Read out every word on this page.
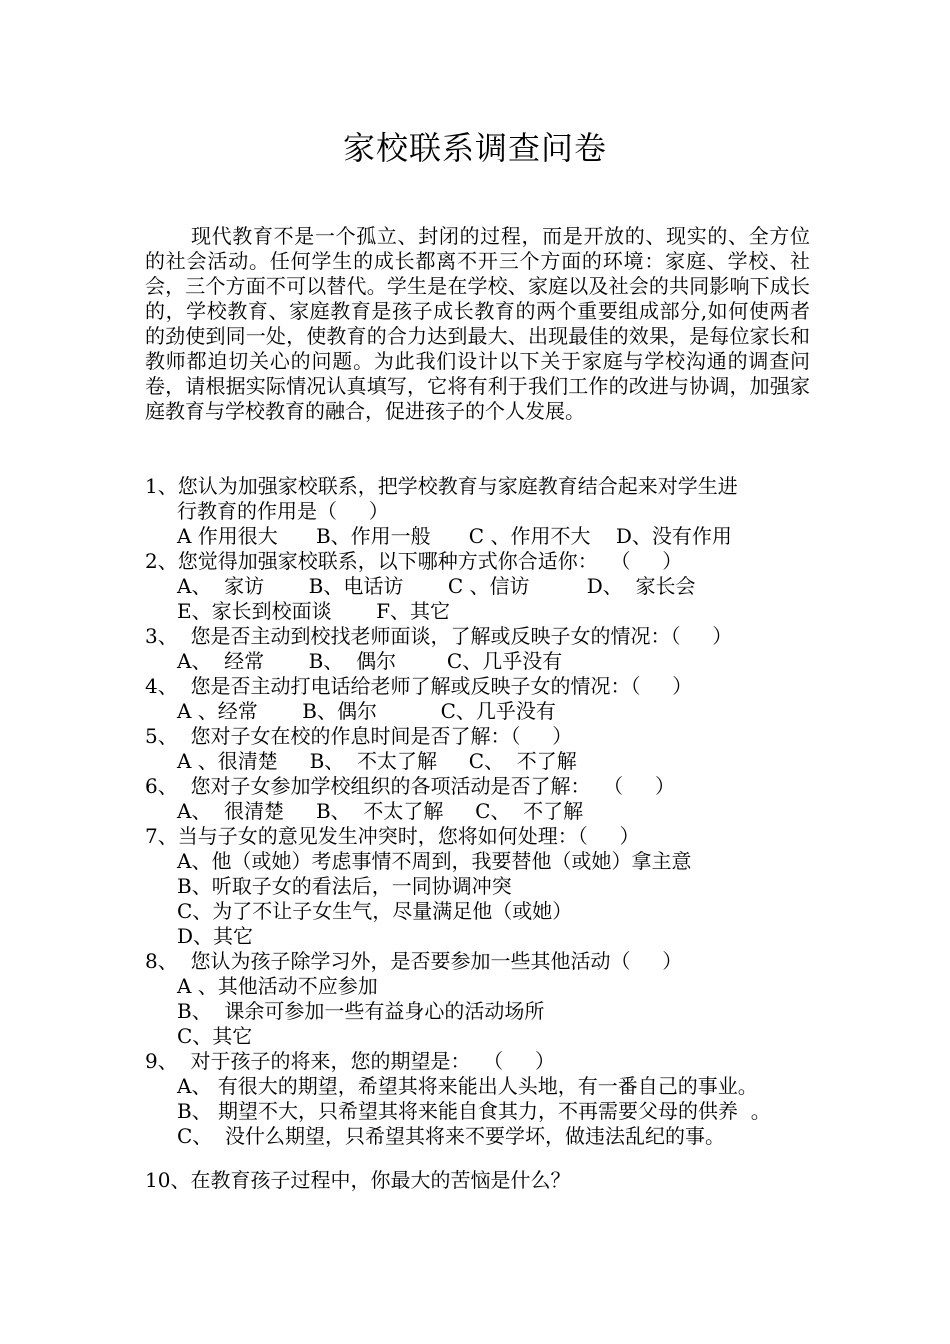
家校联系调查问卷

现代教育不是一个孤立、封闭的过程，而是开放的、现实的、全方位的社会活动。任何学生的成长都离不开三个方面的环境：家庭、学校、社会，三个方面不可以替代。学生是在学校、家庭以及社会的共同影响下成长的，学校教育、家庭教育是孩子成长教育的两个重要组成部分,如何使两者的劲使到同一处，使教育的合力达到最大、出现最佳的效果，是每位家长和教师都迫切关心的问题。为此我们设计以下关于家庭与学校沟通的调查问卷，请根据实际情况认真填写，它将有利于我们工作的改进与协调，加强家庭教育与学校教育的融合，促进孩子的个人发展。

1、您认为加强家校联系，把学校教育与家庭教育结合起来对学生进
行教育的作用是（     ）
A 作用很大      B、作用一般      C 、作用不大    D、没有作用
2、您觉得加强家校联系，以下哪种方式你合适你：  （     ）
A、  家访       B、电话访       C 、信访         D、  家长会
E、家长到校面谈       F、其它
3、  您是否主动到校找老师面谈，了解或反映子女的情况：（     ）
A、  经常       B、  偶尔        C、几乎没有
4、  您是否主动打电话给老师了解或反映子女的情况：（     ）
A 、经常       B、偶尔          C、几乎没有
5、  您对子女在校的作息时间是否了解：（     ）
A 、很清楚     B、  不太了解     C、  不了解
6、  您对子女参加学校组织的各项活动是否了解：  （     ）
A、  很清楚     B、  不太了解     C、  不了解
7、当与子女的意见发生冲突时，您将如何处理：（     ）
A、他（或她）考虑事情不周到，我要替他（或她）拿主意
B、听取子女的看法后，一同协调冲突
C、为了不让子女生气，尽量满足他（或她）
D、其它
8、  您认为孩子除学习外，是否要参加一些其他活动（     ）
A 、其他活动不应参加
B、  课余可参加一些有益身心的活动场所
C、其它
9、  对于孩子的将来，您的期望是：  （     ）
A、 有很大的期望，希望其将来能出人头地，有一番自己的事业。
B、 期望不大，只希望其将来能自食其力，不再需要父母的供养  。
C、  没什么期望，只希望其将来不要学坏，做违法乱纪的事。

10、在教育孩子过程中，你最大的苦恼是什么？
